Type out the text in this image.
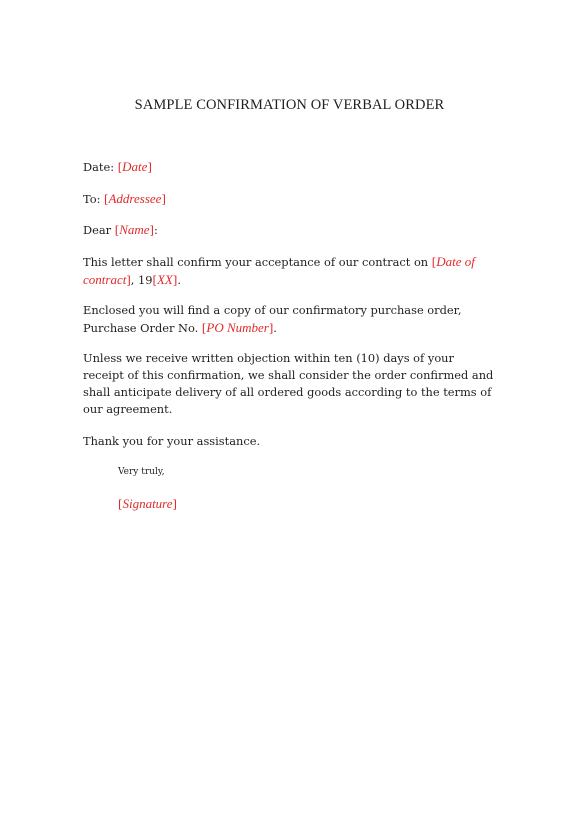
SAMPLE CONFIRMATION OF VERBAL ORDER
Date: [Date]
To: [Addressee]
Dear [Name]:
This letter shall confirm your acceptance of our contract on [Date of contract], 19[XX].
Enclosed you will find a copy of our confirmatory purchase order, Purchase Order No. [PO Number].
Unless we receive written objection within ten (10) days of your receipt of this confirmation, we shall consider the order confirmed and shall anticipate delivery of all ordered goods according to the terms of our agreement.
Thank you for your assistance.
Very truly,
[Signature]
